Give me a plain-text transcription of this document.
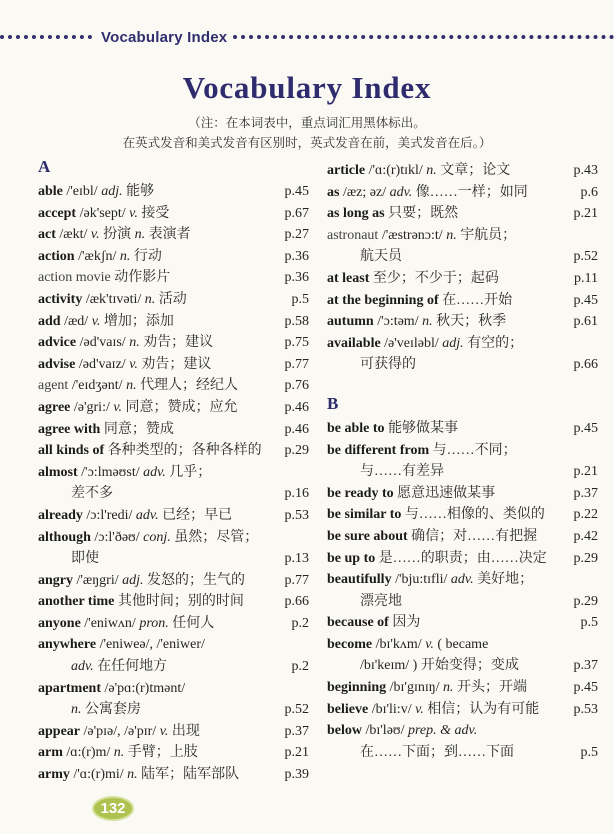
Vocabulary Index
Vocabulary Index
（注：在本词表中，重点词汇用黑体标出。
在英式发音和美式发音有区别时，英式发音在前，美式发音在后。）
A
able /'eɪbl/ adj. 能够	p.45
accept /ək'sept/ v. 接受	p.67
act /ækt/ v. 扮演 n. 表演者	p.27
action /'ækʃn/ n. 行动	p.36
action movie 动作影片	p.36
activity /æk'tɪvəti/ n. 活动	p.5
add /æd/ v. 增加；添加	p.58
advice /əd'vaɪs/ n. 劝告；建议	p.75
advise /əd'vaɪz/ v. 劝告；建议	p.77
agent /'eɪdʒənt/ n. 代理人；经纪人	p.76
agree /ə'gri:/ v. 同意；赞成；应允	p.46
agree with 同意；赞成	p.46
all kinds of 各种类型的；各种各样的	p.29
almost /'ɔ:lməʊst/ adv. 几乎；
差不多	p.16
already /ɔ:l'redi/ adv. 已经；早已	p.53
although /ɔ:l'ðəʊ/ conj. 虽然；尽管；
即使	p.13
angry /'æŋgri/ adj. 发怒的；生气的	p.77
another time 其他时间；别的时间	p.66
anyone /'eniwʌn/ pron. 任何人	p.2
anywhere /'eniweə/, /'eniwer/
adv. 在任何地方	p.2
apartment /ə'pɑ:(r)tmənt/
n. 公寓套房	p.52
appear /ə'pɪə/, /ə'pɪr/ v. 出现	p.37
arm /ɑ:(r)m/ n. 手臂；上肢	p.21
army /'ɑ:(r)mi/ n. 陆军；陆军部队	p.39
article /'ɑ:(r)tɪkl/ n. 文章；论文	p.43
as /æz; əz/ adv. 像……一样；如同	p.6
as long as 只要；既然	p.21
astronaut /'æstrənɔ:t/ n. 宇航员；
航天员	p.52
at least 至少；不少于；起码	p.11
at the beginning of 在……开始	p.45
autumn /'ɔ:təm/ n. 秋天；秋季	p.61
available /ə'veɪləbl/ adj. 有空的；
可获得的	p.66
B
be able to 能够做某事	p.45
be different from 与……不同；
与……有差异	p.21
be ready to 愿意迅速做某事	p.37
be similar to 与……相像的、类似的	p.22
be sure about 确信；对……有把握	p.42
be up to 是……的职责；由……决定	p.29
beautifully /'bju:tɪfli/ adv. 美好地；
漂亮地	p.29
because of 因为	p.5
become /bɪ'kʌm/ v. ( became
/bɪ'keɪm/ ) 开始变得；变成	p.37
beginning /bɪ'gɪnɪŋ/ n. 开头；开端	p.45
believe /bɪ'li:v/ v. 相信；认为有可能	p.53
below /bɪ'ləʊ/ prep. & adv.
在……下面；到……下面	p.5
132
